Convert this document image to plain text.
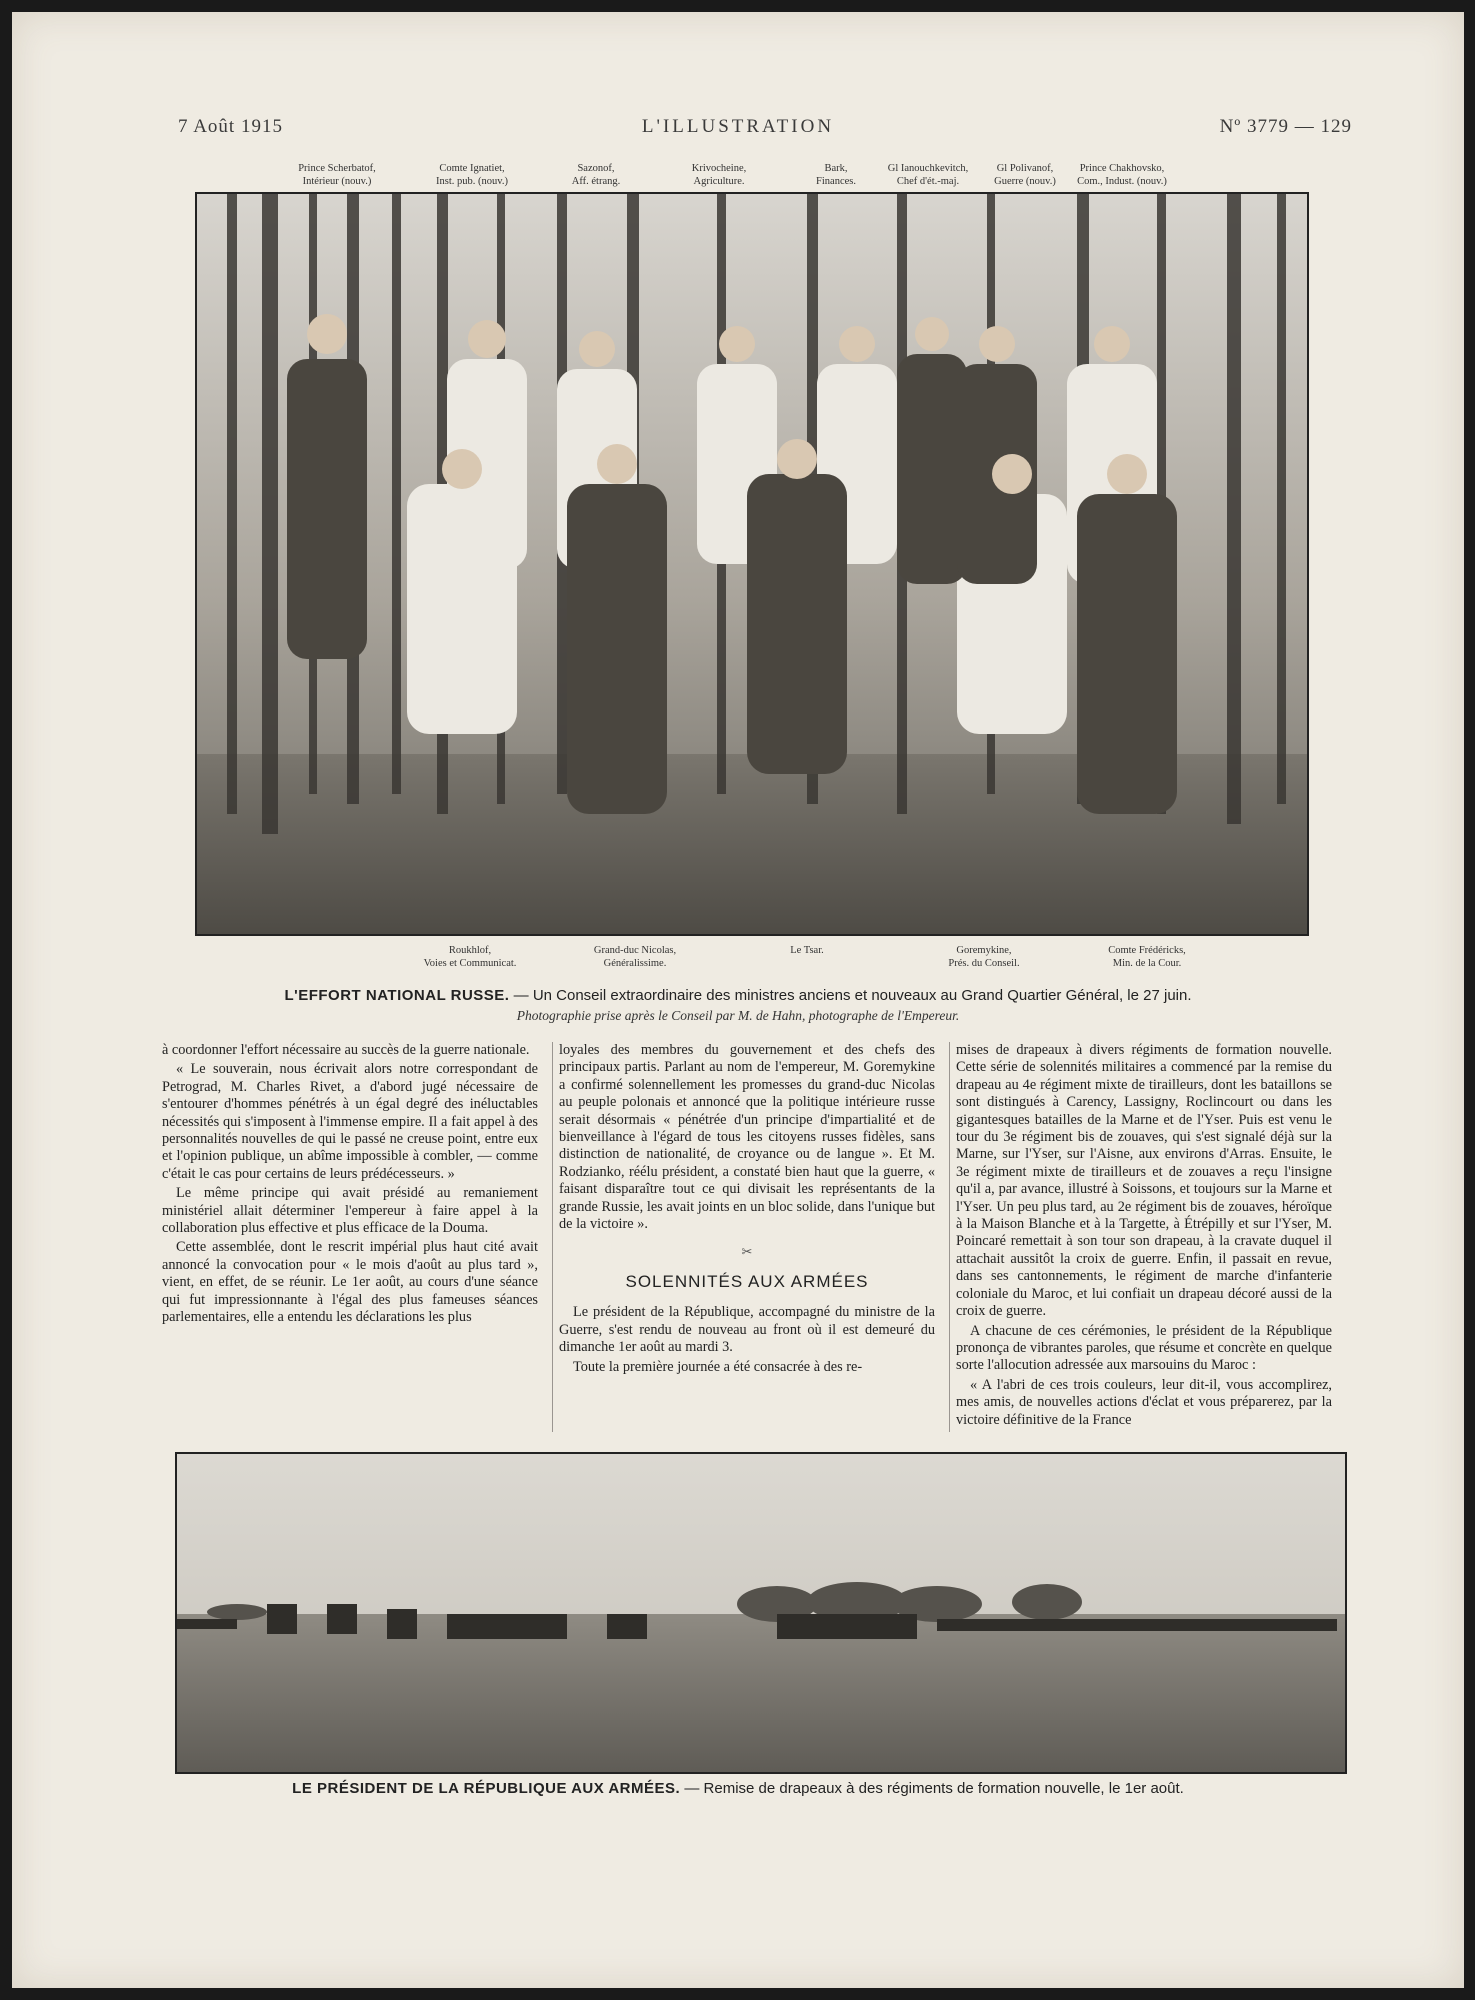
7 Août 1915	L'ILLUSTRATION	Nº 3779 — 129
Prince Scherbatof,
Intérieur (nouv.)
Comte Ignatiet,
Inst. pub. (nouv.)
Sazonof,
Aff. étrang.
Krivocheine,
Agriculture.
Bark,
Finances.
Gl Ianouchkevitch,
Chef d'ét.-maj.
Gl Polivanof,
Guerre (nouv.)
Prince Chakhovsko,
Com., Indust. (nouv.)
Roukhlof,
Voies et Communicat.
Grand-duc Nicolas,
Généralissime.
Le Tsar.	Goremykine,
Prés. du Conseil.
Comte Frédéricks,
Min. de la Cour.
L'EFFORT NATIONAL RUSSE. — Un Conseil extraordinaire des ministres anciens et nouveaux au Grand Quartier Général, le 27 juin.
Photographie prise après le Conseil par M. de Hahn, photographe de l'Empereur.

à coordonner l'effort nécessaire au succès de la guerre nationale.

« Le souverain, nous écrivait alors notre correspondant de Petrograd, M. Charles Rivet, a d'abord jugé nécessaire de s'entourer d'hommes pénétrés à un égal degré des inéluctables nécessités qui s'imposent à l'immense empire. Il a fait appel à des personnalités nouvelles de qui le passé ne creuse point, entre eux et l'opinion publique, un abîme impossible à combler, — comme c'était le cas pour certains de leurs prédécesseurs. »

Le même principe qui avait présidé au remaniement ministériel allait déterminer l'empereur à faire appel à la collaboration plus effective et plus efficace de la Douma.

Cette assemblée, dont le rescrit impérial plus haut cité avait annoncé la convocation pour « le mois d'août au plus tard », vient, en effet, de se réunir. Le 1er août, au cours d'une séance qui fut impressionnante à l'égal des plus fameuses séances parlementaires, elle a entendu les déclarations les plus

loyales des membres du gouvernement et des chefs des principaux partis. Parlant au nom de l'empereur, M. Goremykine a confirmé solennellement les promesses du grand-duc Nicolas au peuple polonais et annoncé que la politique intérieure russe serait désormais « pénétrée d'un principe d'impartialité et de bienveillance à l'égard de tous les citoyens russes fidèles, sans distinction de nationalité, de croyance ou de langue ». Et M. Rodzianko, réélu président, a constaté bien haut que la guerre, « faisant disparaître tout ce qui divisait les représentants de la grande Russie, les avait joints en un bloc solide, dans l'unique but de la victoire ».

✂
SOLENNITÉS AUX ARMÉES

Le président de la République, accompagné du ministre de la Guerre, s'est rendu de nouveau au front où il est demeuré du dimanche 1er août au mardi 3.

Toute la première journée a été consacrée à des re-

mises de drapeaux à divers régiments de formation nouvelle. Cette série de solennités militaires a commencé par la remise du drapeau au 4e régiment mixte de tirailleurs, dont les bataillons se sont distingués à Carency, Lassigny, Roclincourt ou dans les gigantesques batailles de la Marne et de l'Yser. Puis est venu le tour du 3e régiment bis de zouaves, qui s'est signalé déjà sur la Marne, sur l'Yser, sur l'Aisne, aux environs d'Arras. Ensuite, le 3e régiment mixte de tirailleurs et de zouaves a reçu l'insigne qu'il a, par avance, illustré à Soissons, et toujours sur la Marne et l'Yser. Un peu plus tard, au 2e régiment bis de zouaves, héroïque à la Maison Blanche et à la Targette, à Étrépilly et sur l'Yser, M. Poincaré remettait à son tour son drapeau, à la cravate duquel il attachait aussitôt la croix de guerre. Enfin, il passait en revue, dans ses cantonnements, le régiment de marche d'infanterie coloniale du Maroc, et lui confiait un drapeau décoré aussi de la croix de guerre.

A chacune de ces cérémonies, le président de la République prononça de vibrantes paroles, que résume et concrète en quelque sorte l'allocution adressée aux marsouins du Maroc :

« A l'abri de ces trois couleurs, leur dit-il, vous accomplirez, mes amis, de nouvelles actions d'éclat et vous préparerez, par la victoire définitive de la France

LE PRÉSIDENT DE LA RÉPUBLIQUE AUX ARMÉES. — Remise de drapeaux à des régiments de formation nouvelle, le 1er août.
